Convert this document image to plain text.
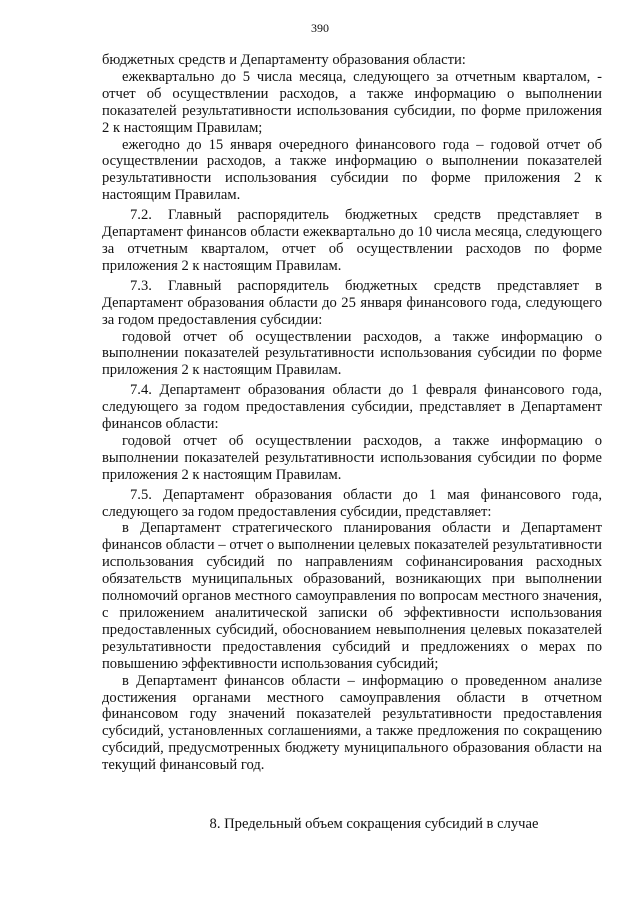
390

бюджетных средств и Департаменту образования области:

ежеквартально до 5 числа месяца, следующего за отчетным кварталом, - отчет об осуществлении расходов, а также информацию о выполнении показателей результативности использования субсидии, по форме приложения 2 к настоящим Правилам;

ежегодно до 15 января очередного финансового года – годовой отчет об осуществлении расходов, а также информацию о выполнении показателей результативности использования субсидии по форме приложения 2 к настоящим Правилам.

7.2. Главный распорядитель бюджетных средств представляет в Департамент финансов области ежеквартально до 10 числа месяца, следующего за отчетным кварталом, отчет об осуществлении расходов по форме приложения 2 к настоящим Правилам.

7.3. Главный распорядитель бюджетных средств представляет в Департамент образования области до 25 января финансового года, следующего за годом предоставления субсидии:

годовой отчет об осуществлении расходов, а также информацию о выполнении показателей результативности использования субсидии по форме приложения 2 к настоящим Правилам.

7.4. Департамент образования области до 1 февраля финансового года, следующего за годом предоставления субсидии, представляет в Департамент финансов области:

годовой отчет об осуществлении расходов, а также информацию о выполнении показателей результативности использования субсидии по форме приложения 2 к настоящим Правилам.

7.5. Департамент образования области до 1 мая финансового года, следующего за годом предоставления субсидии, представляет:

в Департамент стратегического планирования области и Департамент финансов области – отчет о выполнении целевых показателей результативности использования субсидий по направлениям софинансирования расходных обязательств муниципальных образований, возникающих при выполнении полномочий органов местного самоуправления по вопросам местного значения, с приложением аналитической записки об эффективности использования предоставленных субсидий, обоснованием невыполнения целевых показателей результативности предоставления субсидий и предложениях о мерах по повышению эффективности использования субсидий;

в Департамент финансов области – информацию о проведенном анализе достижения органами местного самоуправления области в отчетном финансовом году значений показателей результативности предоставления субсидий, установленных соглашениями, а также предложения по сокращению субсидий, предусмотренных бюджету муниципального образования области на текущий финансовый год.

8. Предельный объем сокращения субсидий в случае
